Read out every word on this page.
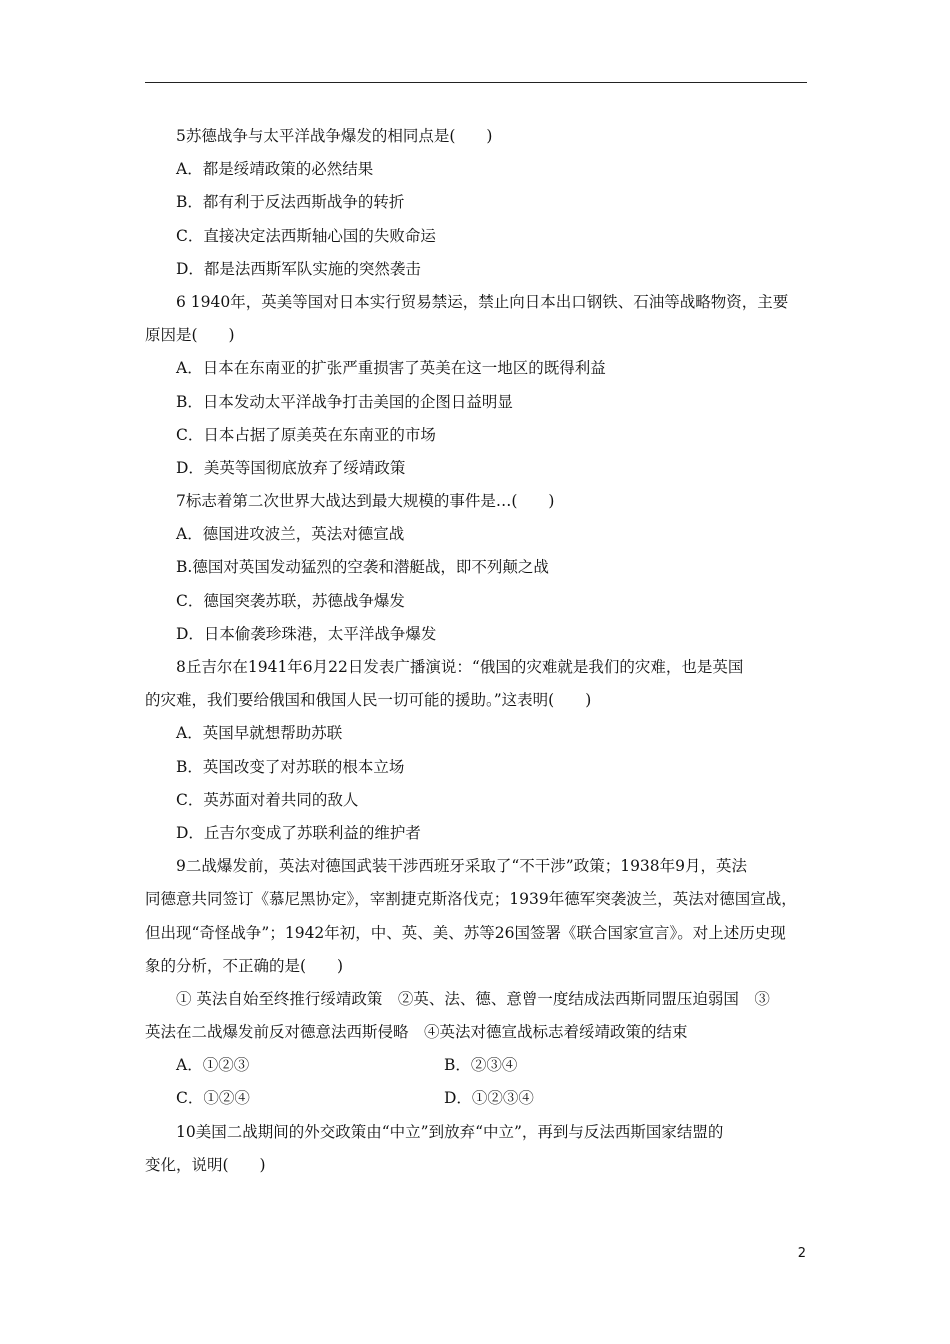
5苏德战争与太平洋战争爆发的相同点是(　　)
A．都是绥靖政策的必然结果
B．都有利于反法西斯战争的转折
C．直接决定法西斯轴心国的失败命运
D．都是法西斯军队实施的突然袭击
6 1940年，英美等国对日本实行贸易禁运，禁止向日本出口钢铁、石油等战略物资，主要
原因是(　　)
A．日本在东南亚的扩张严重损害了英美在这一地区的既得利益
B．日本发动太平洋战争打击美国的企图日益明显
C．日本占据了原美英在东南亚的市场
D．美英等国彻底放弃了绥靖政策
7标志着第二次世界大战达到最大规模的事件是…(　　)
A．德国进攻波兰，英法对德宣战
B.德国对英国发动猛烈的空袭和潜艇战，即不列颠之战
C．德国突袭苏联，苏德战争爆发
D．日本偷袭珍珠港，太平洋战争爆发
8丘吉尔在1941年6月22日发表广播演说：“俄国的灾难就是我们的灾难，也是英国
的灾难，我们要给俄国和俄国人民一切可能的援助。”这表明(　　)
A．英国早就想帮助苏联
B．英国改变了对苏联的根本立场
C．英苏面对着共同的敌人
D．丘吉尔变成了苏联利益的维护者
9二战爆发前，英法对德国武装干涉西班牙采取了“不干涉”政策；1938年9月，英法
同德意共同签订《慕尼黑协定》，宰割捷克斯洛伐克；1939年德军突袭波兰，英法对德国宣战，
但出现“奇怪战争”；1942年初，中、英、美、苏等26国签署《联合国家宣言》。对上述历史现
象的分析，不正确的是(　　)
① 英法自始至终推行绥靖政策　②英、法、德、意曾一度结成法西斯同盟压迫弱国　③
英法在二战爆发前反对德意法西斯侵略　④英法对德宣战标志着绥靖政策的结束
A．①②③	B．②③④
C．①②④	D．①②③④
10美国二战期间的外交政策由“中立”到放弃“中立”，再到与反法西斯国家结盟的
变化，说明(　　)
2
